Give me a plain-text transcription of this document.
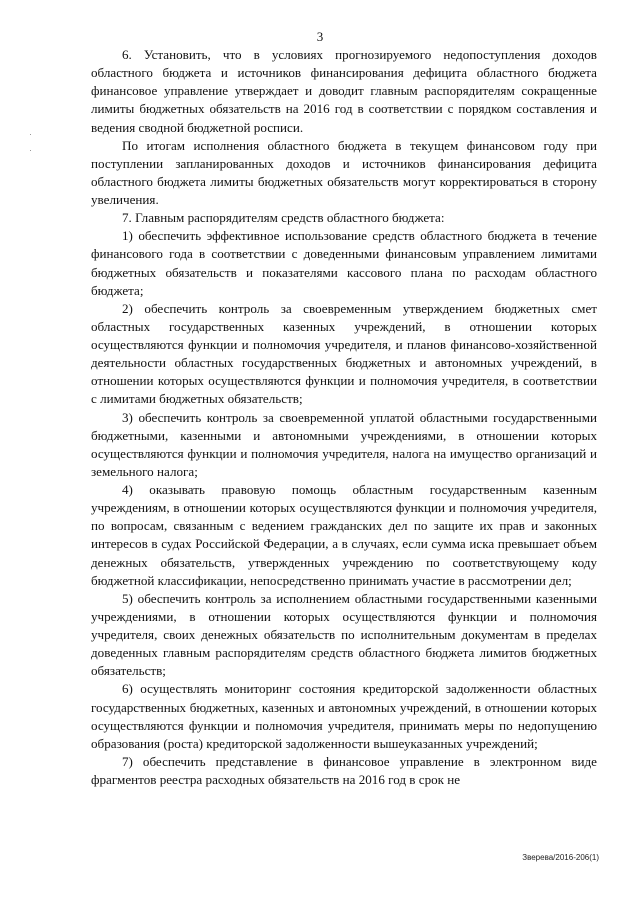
3

6. Установить, что в условиях прогнозируемого недопоступления доходов областного бюджета и источников финансирования дефицита областного бюджета финансовое управление утверждает и доводит главным распорядителям сокращенные лимиты бюджетных обязательств на 2016 год в соответствии с порядком составления и ведения сводной бюджетной росписи.

По итогам исполнения областного бюджета в текущем финансовом году при поступлении запланированных доходов и источников финансирования дефицита областного бюджета лимиты бюджетных обязательств могут корректироваться в сторону увеличения.

7. Главным распорядителям средств областного бюджета:

1) обеспечить эффективное использование средств областного бюджета в течение финансового года в соответствии с доведенными финансовым управлением лимитами бюджетных обязательств и показателями кассового плана по расходам областного бюджета;

2) обеспечить контроль за своевременным утверждением бюджетных смет областных государственных казенных учреждений, в отношении которых осуществляются функции и полномочия учредителя, и планов финансово-хозяйственной деятельности областных государственных бюджетных и автономных учреждений, в отношении которых осуществляются функции и полномочия учредителя, в соответствии с лимитами бюджетных обязательств;

3) обеспечить контроль за своевременной уплатой областными государственными бюджетными, казенными и автономными учреждениями, в отношении которых осуществляются функции и полномочия учредителя, налога на имущество организаций и земельного налога;

4) оказывать правовую помощь областным государственным казенным учреждениям, в отношении которых осуществляются функции и полномочия учредителя, по вопросам, связанным с ведением гражданских дел по защите их прав и законных интересов в судах Российской Федерации, а в случаях, если сумма иска превышает объем денежных обязательств, утвержденных учреждению по соответствующему коду бюджетной классификации, непосредственно принимать участие в рассмотрении дел;

5) обеспечить контроль за исполнением областными государственными казенными учреждениями, в отношении которых осуществляются функции и полномочия учредителя, своих денежных обязательств по исполнительным документам в пределах доведенных главным распорядителям средств областного бюджета лимитов бюджетных обязательств;

6) осуществлять мониторинг состояния кредиторской задолженности областных государственных бюджетных, казенных и автономных учреждений, в отношении которых осуществляются функции и полномочия учредителя, принимать меры по недопущению образования (роста) кредиторской задолженности вышеуказанных учреждений;

7) обеспечить представление в финансовое управление в электронном виде фрагментов реестра расходных обязательств на 2016 год в срок не

Зверева/2016-206(1)
